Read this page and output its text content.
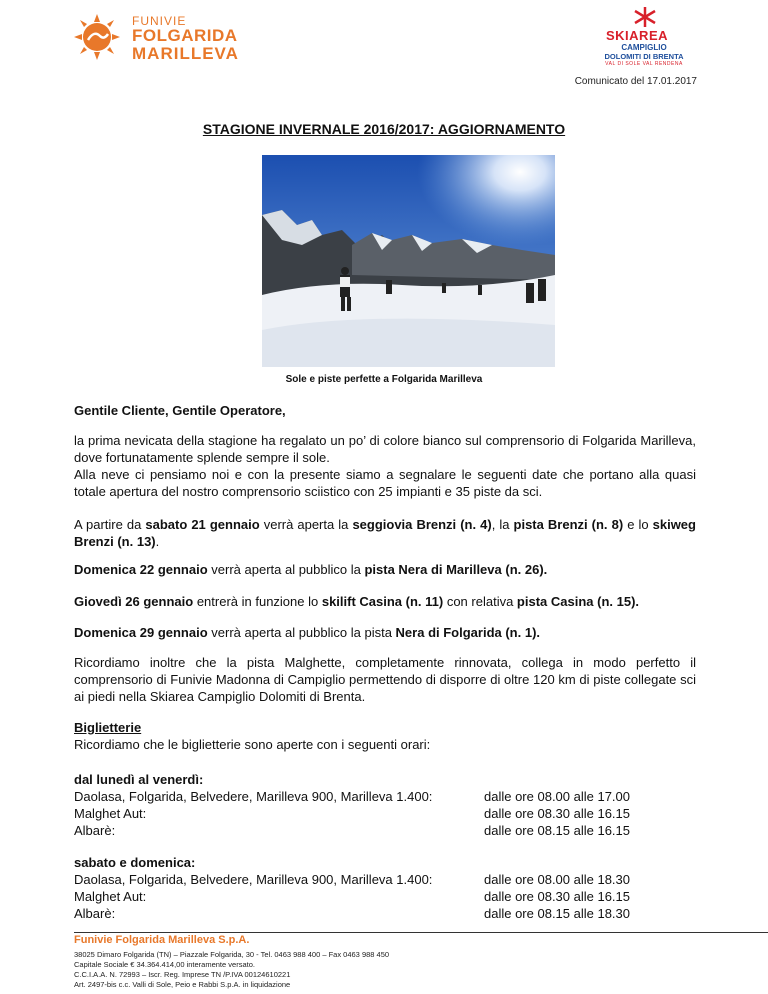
FUNIVIE
FOLGARIDA
MARILLEVA
SKIAREA
CAMPIGLIO
DOLOMITI DI BRENTA
VAL DI SOLE VAL RENDENA
Comunicato del 17.01.2017
STAGIONE INVERNALE 2016/2017: AGGIORNAMENTO
Sole e piste perfette a Folgarida Marilleva
Gentile Cliente, Gentile Operatore,
la prima nevicata della stagione ha regalato un po’ di colore bianco sul comprensorio di Folgarida Marilleva, dove fortunatamente splende sempre il sole.
Alla neve ci pensiamo noi e con la presente siamo a segnalare le seguenti date che portano alla quasi totale apertura del nostro comprensorio sciistico con 25 impianti e 35 piste da sci.
A partire da sabato 21 gennaio verrà aperta la seggiovia Brenzi (n. 4), la pista Brenzi (n. 8) e lo skiweg Brenzi (n. 13).
Domenica 22 gennaio verrà aperta al pubblico la pista Nera di Marilleva (n. 26).
Giovedì 26 gennaio entrerà in funzione lo skilift Casina (n. 11) con relativa pista Casina (n. 15).
Domenica 29 gennaio verrà aperta al pubblico la pista Nera di Folgarida (n. 1).
Ricordiamo inoltre che la pista Malghette, completamente rinnovata, collega in modo perfetto il comprensorio di Funivie Madonna di Campiglio permettendo di disporre di oltre 120 km di piste collegate sci ai piedi nella Skiarea Campiglio Dolomiti di Brenta.
Biglietterie
Ricordiamo che le biglietterie sono aperte con i seguenti orari:
dal lunedì al venerdì:
Daolasa, Folgarida, Belvedere, Marilleva 900, Marilleva 1.400:	dalle ore 08.00 alle 17.00
Malghet Aut:	dalle ore 08.30 alle 16.15
Albarè:	dalle ore 08.15 alle 16.15
sabato e domenica:
Daolasa, Folgarida, Belvedere, Marilleva 900, Marilleva 1.400:	dalle ore 08.00 alle 18.30
Malghet Aut:	dalle ore 08.30 alle 16.15
Albarè:	dalle ore 08.15 alle 18.30
Funivie Folgarida Marilleva S.p.A.
38025 Dimaro Folgarida (TN) – Piazzale Folgarida, 30 - Tel. 0463 988 400 – Fax 0463 988 450
Capitale Sociale € 34.364.414,00 interamente versato.
C.C.I.A.A. N. 72993 – Iscr. Reg. Imprese TN /P.IVA 00124610221
Art. 2497-bis c.c. Valli di Sole, Peio e Rabbi S.p.A. in liquidazione
